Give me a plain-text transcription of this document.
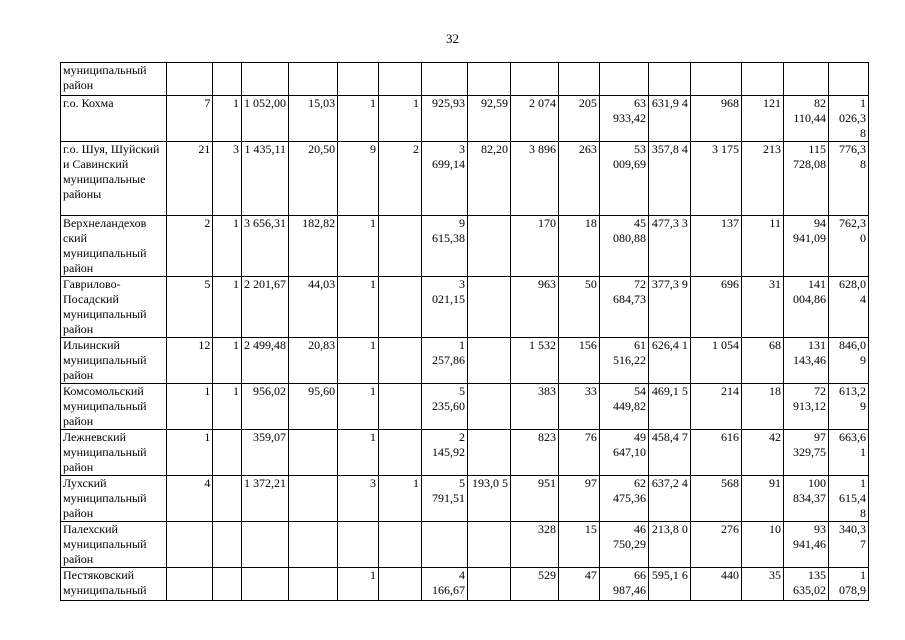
32
муниципальный район																
г.о. Кохма	7	1	1 052,00	15,03	1	1	925,93	92,59	2 074	205	63 933,42	631,9 4	968	121	82 110,44	1 026,3 8
г.о. Шуя, Шуйский и Савинский муниципальные районы	21	3	1 435,11	20,50	9	2	3 699,14	82,20	3 896	263	53 009,69	357,8 4	3 175	213	115 728,08	776,3 8
Верхнеландехов ский муниципальный район	2	1	3 656,31	182,82	1		9 615,38		170	18	45 080,88	477,3 3	137	11	94 941,09	762,3 0
Гаврилово-Посадский муниципальный район	5	1	2 201,67	44,03	1		3 021,15		963	50	72 684,73	377,3 9	696	31	141 004,86	628,0 4
Ильинский муниципальный район	12	1	2 499,48	20,83	1		1 257,86		1 532	156	61 516,22	626,4 1	1 054	68	131 143,46	846,0 9
Комсомольский муниципальный район	1	1	956,02	95,60	1		5 235,60		383	33	54 449,82	469,1 5	214	18	72 913,12	613,2 9
Лежневский муниципальный район	1		359,07		1		2 145,92		823	76	49 647,10	458,4 7	616	42	97 329,75	663,6 1
Лухский муниципальный район	4		1 372,21		3	1	5 791,51	193,0 5	951	97	62 475,36	637,2 4	568	91	100 834,37	1 615,4 8
Палехский муниципальный район									328	15	46 750,29	213,8 0	276	10	93 941,46	340,3 7
Пестяковский муниципальный					1		4 166,67		529	47	66 987,46	595,1 6	440	35	135 635,02	1 078,9
